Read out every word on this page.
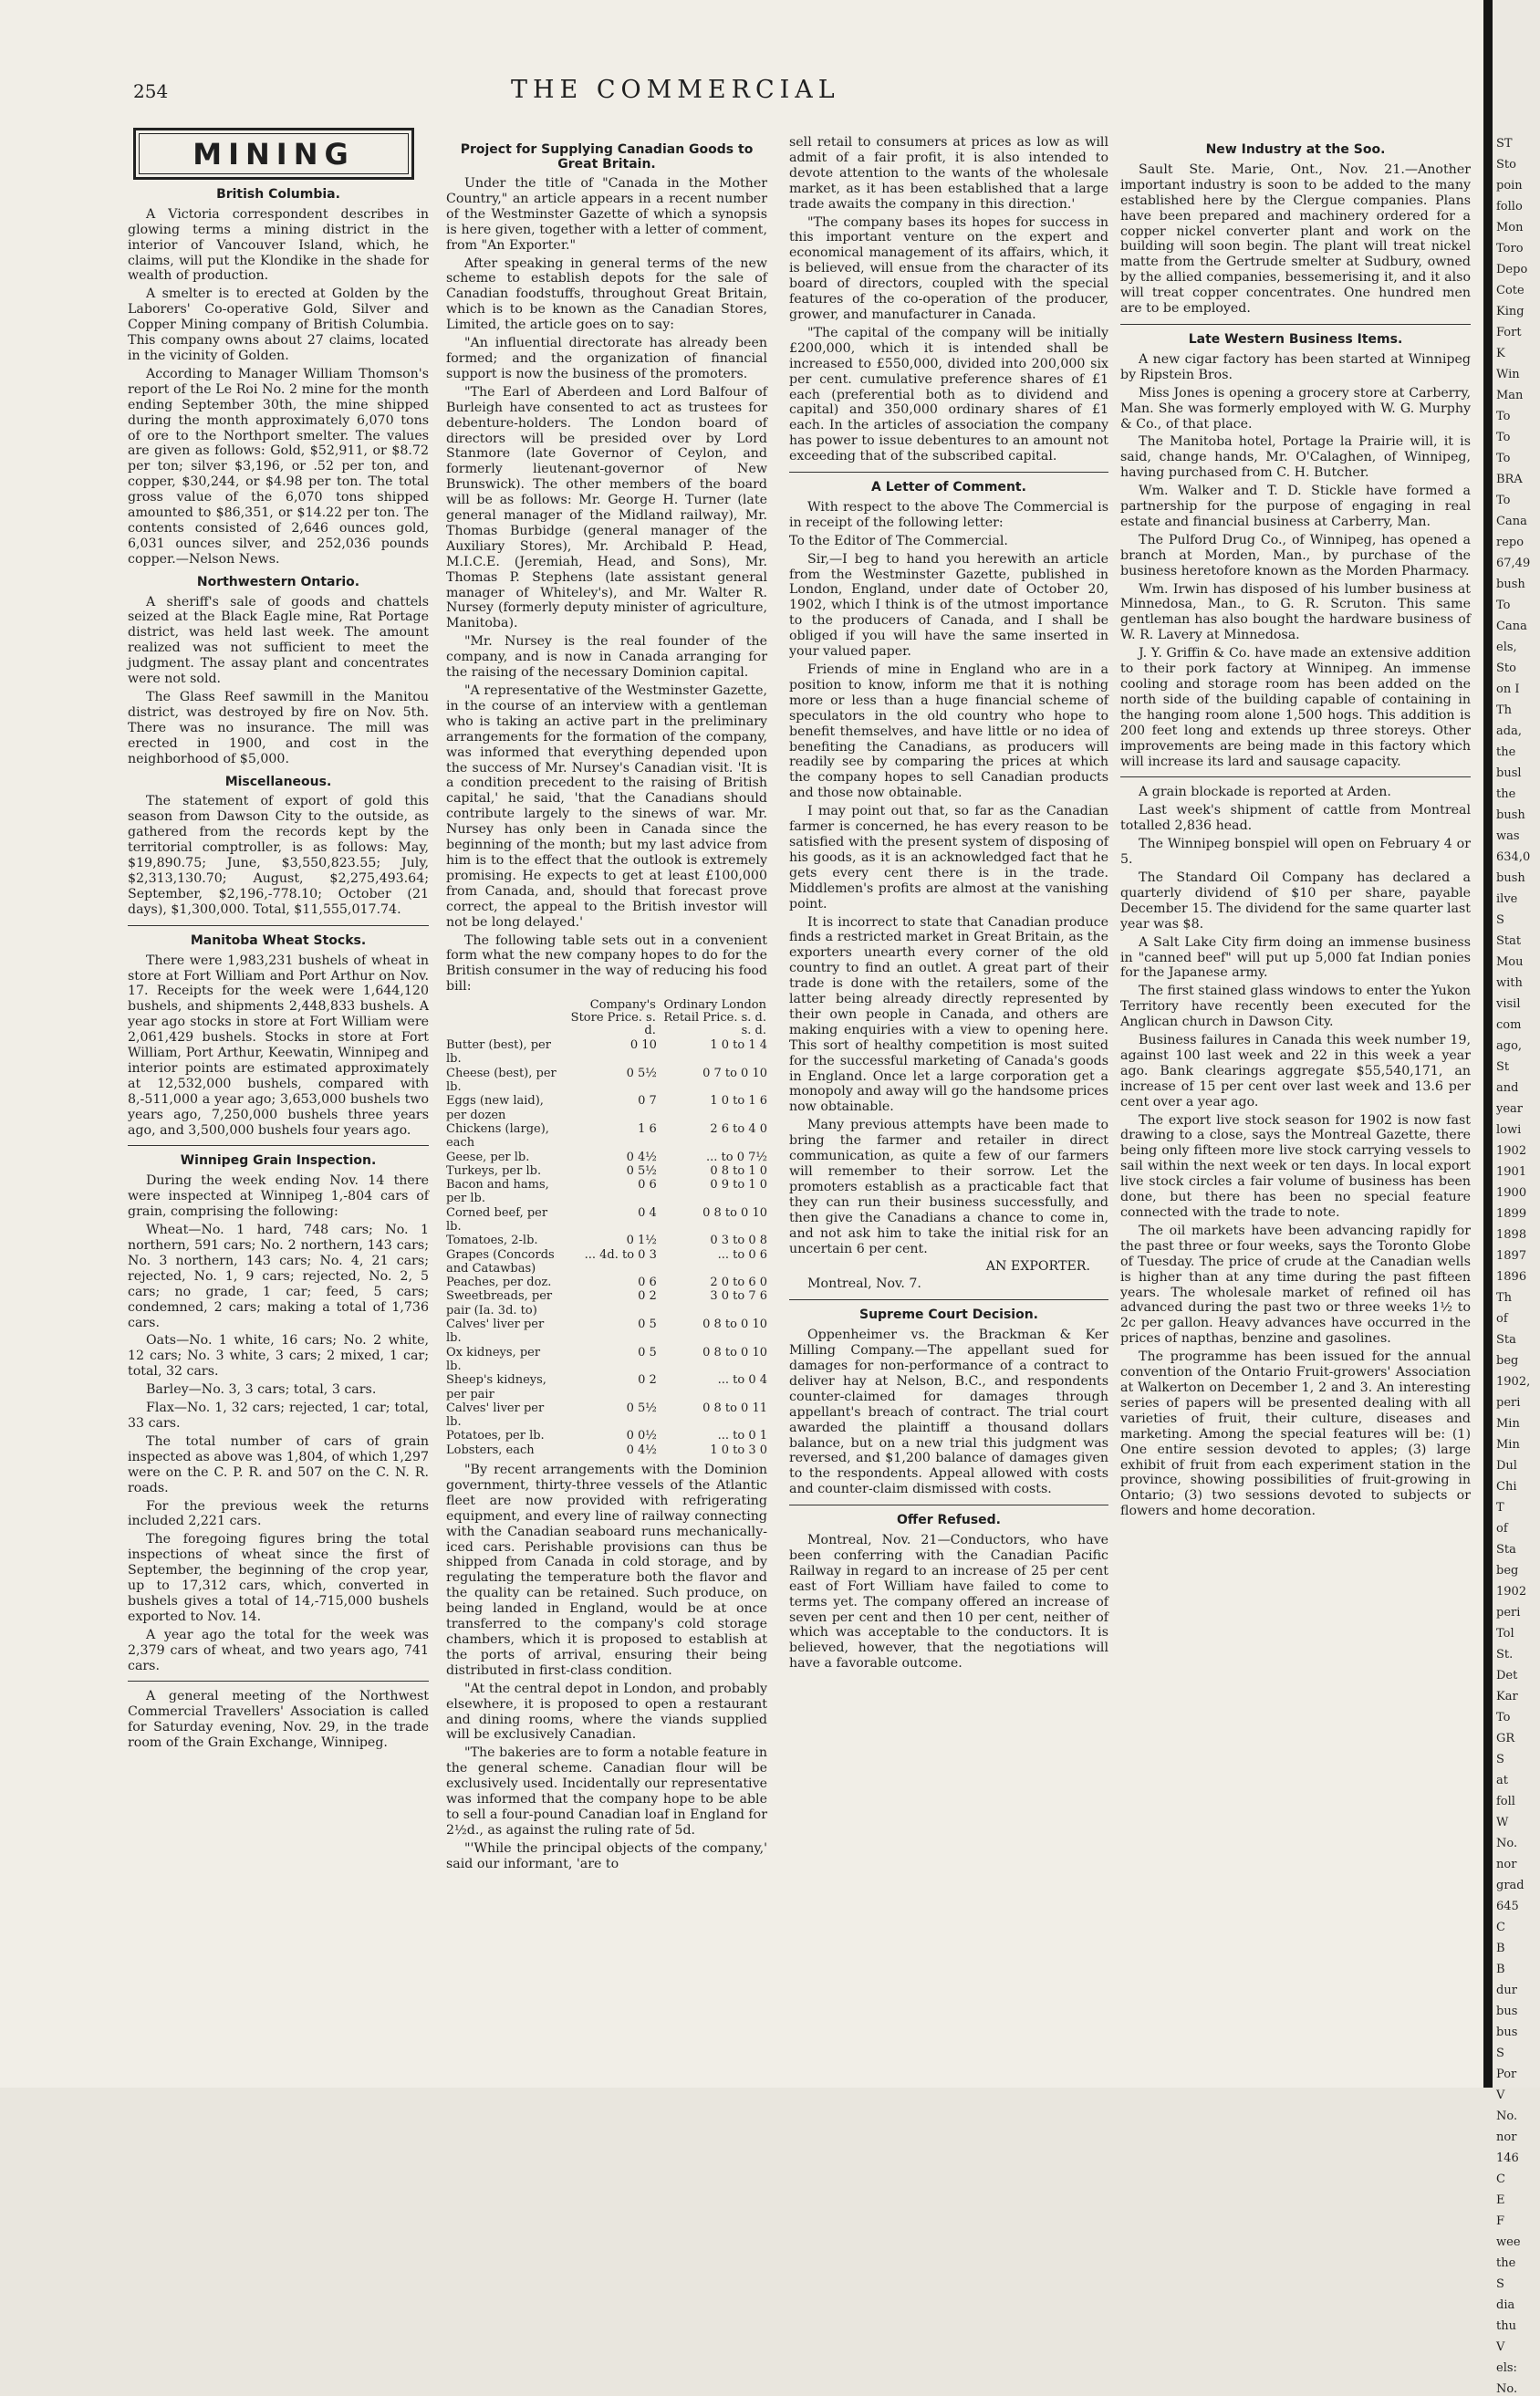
254	THE COMMERCIAL
MINING
British Columbia.

A Victoria correspondent describes in glowing terms a mining district in the interior of Vancouver Island, which, he claims, will put the Klondike in the shade for wealth of production.

A smelter is to erected at Golden by the Laborers' Co-operative Gold, Silver and Copper Mining company of British Columbia. This company owns about 27 claims, located in the vicinity of Golden.

According to Manager William Thomson's report of the Le Roi No. 2 mine for the month ending September 30th, the mine shipped during the month approximately 6,070 tons of ore to the Northport smelter. The values are given as follows: Gold, $52,911, or $8.72 per ton; silver $3,196, or .52 per ton, and copper, $30,244, or $4.98 per ton. The total gross value of the 6,070 tons shipped amounted to $86,351, or $14.22 per ton. The contents consisted of 2,646 ounces gold, 6,031 ounces silver, and 252,036 pounds copper.—Nelson News.

Northwestern Ontario.

A sheriff's sale of goods and chattels seized at the Black Eagle mine, Rat Portage district, was held last week. The amount realized was not sufficient to meet the judgment. The assay plant and concentrates were not sold.

The Glass Reef sawmill in the Manitou district, was destroyed by fire on Nov. 5th. There was no insurance. The mill was erected in 1900, and cost in the neighborhood of $5,000.

Miscellaneous.

The statement of export of gold this season from Dawson City to the outside, as gathered from the records kept by the territorial comptroller, is as follows: May, $19,890.75; June, $3,550,823.55; July, $2,313,130.70; August, $2,275,493.64; September, $2,196,-778.10; October (21 days), $1,300,000. Total, $11,555,017.74.

Manitoba Wheat Stocks.

There were 1,983,231 bushels of wheat in store at Fort William and Port Arthur on Nov. 17. Receipts for the week were 1,644,120 bushels, and shipments 2,448,833 bushels. A year ago stocks in store at Fort William were 2,061,429 bushels. Stocks in store at Fort William, Port Arthur, Keewatin, Winnipeg and interior points are estimated approximately at 12,532,000 bushels, compared with 8,-511,000 a year ago; 3,653,000 bushels two years ago, 7,250,000 bushels three years ago, and 3,500,000 bushels four years ago.

Winnipeg Grain Inspection.

During the week ending Nov. 14 there were inspected at Winnipeg 1,-804 cars of grain, comprising the following:

Wheat—No. 1 hard, 748 cars; No. 1 northern, 591 cars; No. 2 northern, 143 cars; No. 3 northern, 143 cars; No. 4, 21 cars; rejected, No. 1, 9 cars; rejected, No. 2, 5 cars; no grade, 1 car; feed, 5 cars; condemned, 2 cars; making a total of 1,736 cars.

Oats—No. 1 white, 16 cars; No. 2 white, 12 cars; No. 3 white, 3 cars; 2 mixed, 1 car; total, 32 cars.

Barley—No. 3, 3 cars; total, 3 cars.

Flax—No. 1, 32 cars; rejected, 1 car; total, 33 cars.

The total number of cars of grain inspected as above was 1,804, of which 1,297 were on the C. P. R. and 507 on the C. N. R. roads.

For the previous week the returns included 2,221 cars.

The foregoing figures bring the total inspections of wheat since the first of September, the beginning of the crop year, up to 17,312 cars, which, converted in bushels gives a total of 14,-715,000 bushels exported to Nov. 14.

A year ago the total for the week was 2,379 cars of wheat, and two years ago, 741 cars.

A general meeting of the Northwest Commercial Travellers' Association is called for Saturday evening, Nov. 29, in the trade room of the Grain Exchange, Winnipeg.

Project for Supplying Canadian Goods to Great Britain.

Under the title of "Canada in the Mother Country," an article appears in a recent number of the Westminster Gazette of which a synopsis is here given, together with a letter of comment, from "An Exporter."

After speaking in general terms of the new scheme to establish depots for the sale of Canadian foodstuffs, throughout Great Britain, which is to be known as the Canadian Stores, Limited, the article goes on to say:

"An influential directorate has already been formed; and the organization of financial support is now the business of the promoters.

"The Earl of Aberdeen and Lord Balfour of Burleigh have consented to act as trustees for debenture-holders. The London board of directors will be presided over by Lord Stanmore (late Governor of Ceylon, and formerly lieutenant-governor of New Brunswick). The other members of the board will be as follows: Mr. George H. Turner (late general manager of the Midland railway), Mr. Thomas Burbidge (general manager of the Auxiliary Stores), Mr. Archibald P. Head, M.I.C.E. (Jeremiah, Head, and Sons), Mr. Thomas P. Stephens (late assistant general manager of Whiteley's), and Mr. Walter R. Nursey (formerly deputy minister of agriculture, Manitoba).

"Mr. Nursey is the real founder of the company, and is now in Canada arranging for the raising of the necessary Dominion capital.

"A representative of the Westminster Gazette, in the course of an interview with a gentleman who is taking an active part in the preliminary arrangements for the formation of the company, was informed that everything depended upon the success of Mr. Nursey's Canadian visit. 'It is a condition precedent to the raising of British capital,' he said, 'that the Canadians should contribute largely to the sinews of war. Mr. Nursey has only been in Canada since the beginning of the month; but my last advice from him is to the effect that the outlook is extremely promising. He expects to get at least £100,000 from Canada, and, should that forecast prove correct, the appeal to the British investor will not be long delayed.'

The following table sets out in a convenient form what the new company hopes to do for the British consumer in the way of reducing his food bill:

	Company's Store Price. s. d.	Ordinary London Retail Price. s. d. s. d.
Butter (best), per lb.	0 10	1 0 to 1 4
Cheese (best), per lb.	0 5½	0 7 to 0 10
Eggs (new laid), per dozen	0 7	1 0 to 1 6
Chickens (large), each	1 6	2 6 to 4 0
Geese, per lb.	0 4½	... to 0 7½
Turkeys, per lb.	0 5½	0 8 to 1 0
Bacon and hams, per lb.	0 6	0 9 to 1 0
Corned beef, per lb.	0 4	0 8 to 0 10
Tomatoes, 2-lb.	0 1½	0 3 to 0 8
Grapes (Concords and Catawbas)	... 4d. to 0 3	... to 0 6
Peaches, per doz.	0 6	2 0 to 6 0
Sweetbreads, per pair (Ia. 3d. to)	0 2	3 0 to 7 6
Calves' liver per lb.	0 5	0 8 to 0 10
Ox kidneys, per lb.	0 5	0 8 to 0 10
Sheep's kidneys, per pair	0 2	... to 0 4
Calves' liver per lb.	0 5½	0 8 to 0 11
Potatoes, per lb.	0 0½	... to 0 1
Lobsters, each	0 4½	1 0 to 3 0

"By recent arrangements with the Dominion government, thirty-three vessels of the Atlantic fleet are now provided with refrigerating equipment, and every line of railway connecting with the Canadian seaboard runs mechanically-iced cars. Perishable provisions can thus be shipped from Canada in cold storage, and by regulating the temperature both the flavor and the quality can be retained. Such produce, on being landed in England, would be at once transferred to the company's cold storage chambers, which it is proposed to establish at the ports of arrival, ensuring their being distributed in first-class condition.

"At the central depot in London, and probably elsewhere, it is proposed to open a restaurant and dining rooms, where the viands supplied will be exclusively Canadian.

"The bakeries are to form a notable feature in the general scheme. Canadian flour will be exclusively used. Incidentally our representative was informed that the company hope to be able to sell a four-pound Canadian loaf in England for 2½d., as against the ruling rate of 5d.

"'While the principal objects of the company,' said our informant, 'are to

sell retail to consumers at prices as low as will admit of a fair profit, it is also intended to devote attention to the wants of the wholesale market, as it has been established that a large trade awaits the company in this direction.'

"The company bases its hopes for success in this important venture on the expert and economical management of its affairs, which, it is believed, will ensue from the character of its board of directors, coupled with the special features of the co-operation of the producer, grower, and manufacturer in Canada.

"The capital of the company will be initially £200,000, which it is intended shall be increased to £550,000, divided into 200,000 six per cent. cumulative preference shares of £1 each (preferential both as to dividend and capital) and 350,000 ordinary shares of £1 each. In the articles of association the company has power to issue debentures to an amount not exceeding that of the subscribed capital.

A Letter of Comment.

With respect to the above The Commercial is in receipt of the following letter:

To the Editor of The Commercial.

Sir,—I beg to hand you herewith an article from the Westminster Gazette, published in London, England, under date of October 20, 1902, which I think is of the utmost importance to the producers of Canada, and I shall be obliged if you will have the same inserted in your valued paper.

Friends of mine in England who are in a position to know, inform me that it is nothing more or less than a huge financial scheme of speculators in the old country who hope to benefit themselves, and have little or no idea of benefiting the Canadians, as producers will readily see by comparing the prices at which the company hopes to sell Canadian products and those now obtainable.

I may point out that, so far as the Canadian farmer is concerned, he has every reason to be satisfied with the present system of disposing of his goods, as it is an acknowledged fact that he gets every cent there is in the trade. Middlemen's profits are almost at the vanishing point.

It is incorrect to state that Canadian produce finds a restricted market in Great Britain, as the exporters unearth every corner of the old country to find an outlet. A great part of their trade is done with the retailers, some of the latter being already directly represented by their own people in Canada, and others are making enquiries with a view to opening here. This sort of healthy competition is most suited for the successful marketing of Canada's goods in England. Once let a large corporation get a monopoly and away will go the handsome prices now obtainable.

Many previous attempts have been made to bring the farmer and retailer in direct communication, as quite a few of our farmers will remember to their sorrow. Let the promoters establish as a practicable fact that they can run their business successfully, and then give the Canadians a chance to come in, and not ask him to take the initial risk for an uncertain 6 per cent.

AN EXPORTER.

Montreal, Nov. 7.

Supreme Court Decision.

Oppenheimer vs. the Brackman & Ker Milling Company.—The appellant sued for damages for non-performance of a contract to deliver hay at Nelson, B.C., and respondents counter-claimed for damages through appellant's breach of contract. The trial court awarded the plaintiff a thousand dollars balance, but on a new trial this judgment was reversed, and $1,200 balance of damages given to the respondents. Appeal allowed with costs and counter-claim dismissed with costs.

Offer Refused.

Montreal, Nov. 21—Conductors, who have been conferring with the Canadian Pacific Railway in regard to an increase of 25 per cent east of Fort William have failed to come to terms yet. The company offered an increase of seven per cent and then 10 per cent, neither of which was acceptable to the conductors. It is believed, however, that the negotiations will have a favorable outcome.

New Industry at the Soo.

Sault Ste. Marie, Ont., Nov. 21.—Another important industry is soon to be added to the many established here by the Clergue companies. Plans have been prepared and machinery ordered for a copper nickel converter plant and work on the building will soon begin. The plant will treat nickel matte from the Gertrude smelter at Sudbury, owned by the allied companies, bessemerising it, and it also will treat copper concentrates. One hundred men are to be employed.

Late Western Business Items.

A new cigar factory has been started at Winnipeg by Ripstein Bros.

Miss Jones is opening a grocery store at Carberry, Man. She was formerly employed with W. G. Murphy & Co., of that place.

The Manitoba hotel, Portage la Prairie will, it is said, change hands, Mr. O'Calaghen, of Winnipeg, having purchased from C. H. Butcher.

Wm. Walker and T. D. Stickle have formed a partnership for the purpose of engaging in real estate and financial business at Carberry, Man.

The Pulford Drug Co., of Winnipeg, has opened a branch at Morden, Man., by purchase of the business heretofore known as the Morden Pharmacy.

Wm. Irwin has disposed of his lumber business at Minnedosa, Man., to G. R. Scruton. This same gentleman has also bought the hardware business of W. R. Lavery at Minnedosa.

J. Y. Griffin & Co. have made an extensive addition to their pork factory at Winnipeg. An immense cooling and storage room has been added on the north side of the building capable of containing in the hanging room alone 1,500 hogs. This addition is 200 feet long and extends up three storeys. Other improvements are being made in this factory which will increase its lard and sausage capacity.

A grain blockade is reported at Arden.

Last week's shipment of cattle from Montreal totalled 2,836 head.

The Winnipeg bonspiel will open on February 4 or 5.

The Standard Oil Company has declared a quarterly dividend of $10 per share, payable December 15. The dividend for the same quarter last year was $8.

A Salt Lake City firm doing an immense business in "canned beef" will put up 5,000 fat Indian ponies for the Japanese army.

The first stained glass windows to enter the Yukon Territory have recently been executed for the Anglican church in Dawson City.

Business failures in Canada this week number 19, against 100 last week and 22 in this week a year ago. Bank clearings aggregate $55,540,171, an increase of 15 per cent over last week and 13.6 per cent over a year ago.

The export live stock season for 1902 is now fast drawing to a close, says the Montreal Gazette, there being only fifteen more live stock carrying vessels to sail within the next week or ten days. In local export live stock circles a fair volume of business has been done, but there has been no special feature connected with the trade to note.

The oil markets have been advancing rapidly for the past three or four weeks, says the Toronto Globe of Tuesday. The price of crude at the Canadian wells is higher than at any time during the past fifteen years. The wholesale market of refined oil has advanced during the past two or three weeks 1½ to 2c per gallon. Heavy advances have occurred in the prices of napthas, benzine and gasolines.

The programme has been issued for the annual convention of the Ontario Fruit-growers' Association at Walkerton on December 1, 2 and 3. An interesting series of papers will be presented dealing with all varieties of fruit, their culture, diseases and marketing. Among the special features will be: (1) One entire session devoted to apples; (3) large exhibit of fruit from each experiment station in the province, showing possibilities of fruit-growing in Ontario; (3) two sessions devoted to subjects or flowers and home decoration.

ST
Sto
poin
follo
Mon
Toro
Depo
Cote
King
Fort
K
Win
Man
To
To
To
BRA
To
Cana
repo
67,49
bush
To
Cana
els,
Sto
on I
Th
ada,
the
busl
the
bush
was
634,0
bush
ilve
S
Stat
Mou
with
visil
com
ago,
St
and
year
lowi
1902
1901
1900
1899
1898
1897
1896
Th
of
Sta
beg
1902,
peri
Min
Min
Dul
Chi
T
of
Sta
beg
1902
peri
Tol
St.
Det
Kar
To
GR
S
at
foll
W
No.
nor
grad
645
C
B
B
dur
bus
bus
S
Por
V
No.
nor
146
C
E
F
wee
the
S
dia
thu
V
els:
No.
